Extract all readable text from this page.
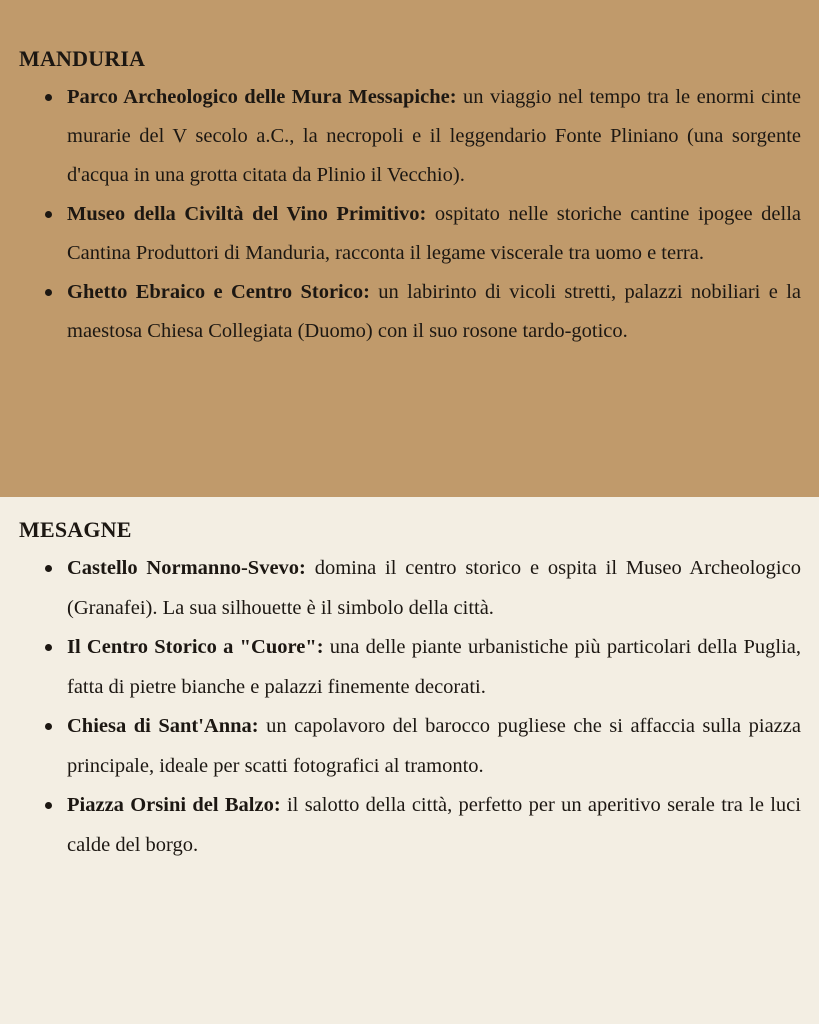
MANDURIA
Parco Archeologico delle Mura Messapiche: un viaggio nel tempo tra le enormi cinte murarie del V secolo a.C., la necropoli e il leggendario Fonte Pliniano (una sorgente d'acqua in una grotta citata da Plinio il Vecchio).
Museo della Civiltà del Vino Primitivo: ospitato nelle storiche cantine ipogee della Cantina Produttori di Manduria, racconta il legame viscerale tra uomo e terra.
Ghetto Ebraico e Centro Storico: un labirinto di vicoli stretti, palazzi nobiliari e la maestosa Chiesa Collegiata (Duomo) con il suo rosone tardo-gotico.
MESAGNE
Castello Normanno-Svevo: domina il centro storico e ospita il Museo Archeologico (Granafei). La sua silhouette è il simbolo della città.
Il Centro Storico a "Cuore": una delle piante urbanistiche più particolari della Puglia, fatta di pietre bianche e palazzi finemente decorati.
Chiesa di Sant'Anna: un capolavoro del barocco pugliese che si affaccia sulla piazza principale, ideale per scatti fotografici al tramonto.
Piazza Orsini del Balzo: il salotto della città, perfetto per un aperitivo serale tra le luci calde del borgo.
